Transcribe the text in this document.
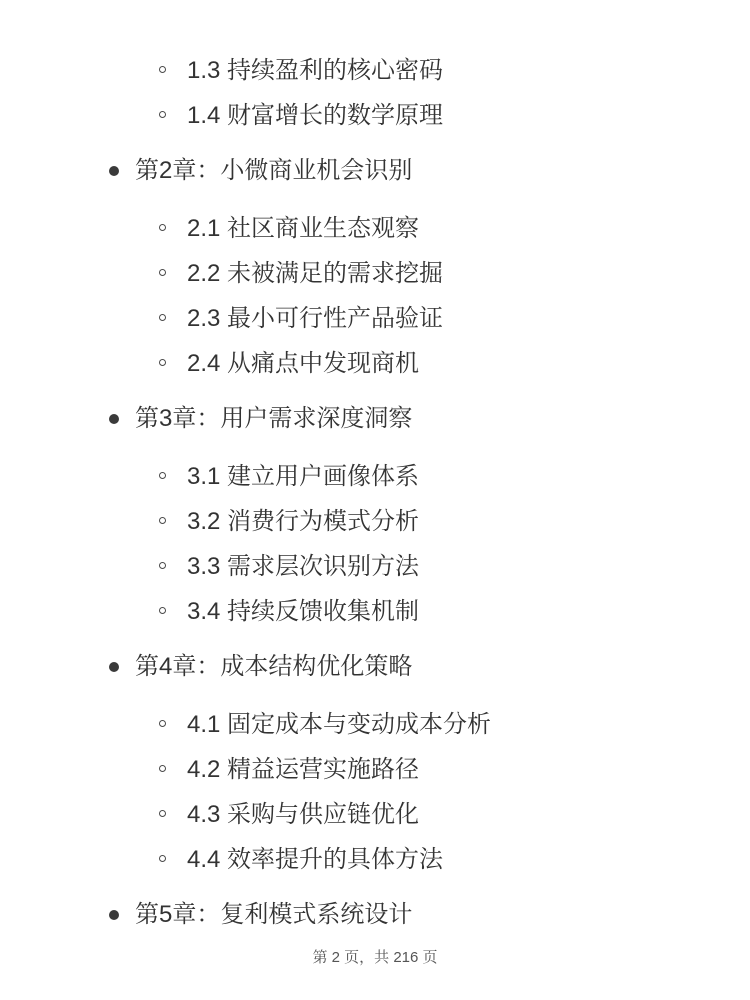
1.3 持续盈利的核心密码
1.4 财富增长的数学原理
第2章：小微商业机会识别
2.1 社区商业生态观察
2.2 未被满足的需求挖掘
2.3 最小可行性产品验证
2.4 从痛点中发现商机
第3章：用户需求深度洞察
3.1 建立用户画像体系
3.2 消费行为模式分析
3.3 需求层次识别方法
3.4 持续反馈收集机制
第4章：成本结构优化策略
4.1 固定成本与变动成本分析
4.2 精益运营实施路径
4.3 采购与供应链优化
4.4 效率提升的具体方法
第5章：复利模式系统设计
第 2 页，共 216 页
